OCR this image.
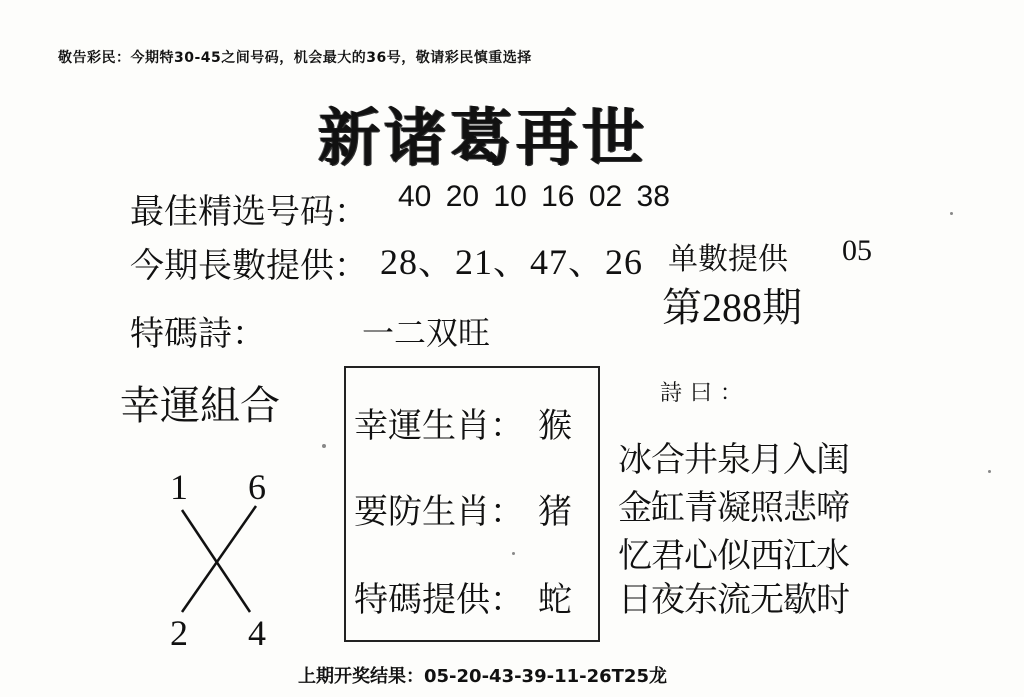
敬告彩民：今期特30-45之间号码，机会最大的36号，敬请彩民慎重选择
新诸葛再世
最佳精选号码： 40 20 10 16 02 38
今期長數提供： 28、21、47、26 单數提供 05
第288期
特碼詩：	一二双旺
幸運組合
1 6
2 4
幸運生肖： 猴
要防生肖： 猪
特碼提供： 蛇
詩曰：
冰合井泉月入闺
金缸青凝照悲啼
忆君心似西江水
日夜东流无歇时
上期开奖结果：05-20-43-39-11-26T25龙
